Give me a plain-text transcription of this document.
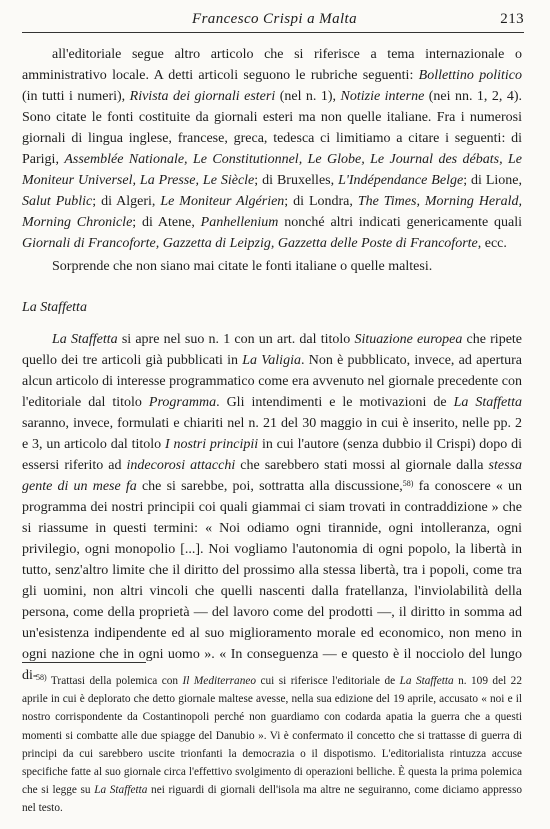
Francesco Crispi a Malta	213

all'editoriale segue altro articolo che si riferisce a tema internazionale o amministrativo locale. A detti articoli seguono le rubriche seguenti: Bollettino politico (in tutti i numeri), Rivista dei giornali esteri (nel n. 1), Notizie interne (nei nn. 1, 2, 4). Sono citate le fonti costituite da giornali esteri ma non quelle italiane. Fra i numerosi giornali di lingua inglese, francese, greca, tedesca ci limitiamo a citare i seguenti: di Parigi, Assemblée Nationale, Le Constitutionnel, Le Globe, Le Journal des débats, Le Moniteur Universel, La Presse, Le Siècle; di Bruxelles, L'Indépendance Belge; di Lione, Salut Public; di Algeri, Le Moniteur Algérien; di Londra, The Times, Morning Herald, Morning Chronicle; di Atene, Panhellenium nonché altri indicati genericamente quali Giornali di Francoforte, Gazzetta di Leipzig, Gazzetta delle Poste di Francoforte, ecc.

Sorprende che non siano mai citate le fonti italiane o quelle maltesi.

La Staffetta

La Staffetta si apre nel suo n. 1 con un art. dal titolo Situazione europea che ripete quello dei tre articoli già pubblicati in La Valigia. Non è pubblicato, invece, ad apertura alcun articolo di interesse programmatico come era avvenuto nel giornale precedente con l'editoriale dal titolo Programma. Gli intendimenti e le motivazioni de La Staffetta saranno, invece, formulati e chiariti nel n. 21 del 30 maggio in cui è inserito, nelle pp. 2 e 3, un articolo dal titolo I nostri principii in cui l'autore (senza dubbio il Crispi) dopo di essersi riferito ad indecorosi attacchi che sarebbero stati mossi al giornale dalla stessa gente di un mese fa che si sarebbe, poi, sottratta alla discussione,$^{58)}$ fa conoscere « un programma dei nostri principii coi quali giammai ci siam trovati in contraddizione » che si riassume in questi termini: « Noi odiamo ogni tirannide, ogni intolleranza, ogni privilegio, ogni monopolio [...]. Noi vogliamo l'autonomia di ogni popolo, la libertà in tutto, senz'altro limite che il diritto del prossimo alla stessa libertà, tra i popoli, come tra gli uomini, non altri vincoli che quelli nascenti dalla fratellanza, l'inviolabilità della persona, come della proprietà — del lavoro come del prodotti —, il diritto in somma ad un'esistenza indipendente ed al suo miglioramento morale ed economico, non meno in ogni nazione che in ogni uomo ». « In conseguenza — e questo è il nocciolo del lungo di-

$^{58)}$ Trattasi della polemica con Il Mediterraneo cui si riferisce l'editoriale de La Staffetta n. 109 del 22 aprile in cui è deplorato che detto giornale maltese avesse, nella sua edizione del 19 aprile, accusato « noi e il nostro corrispondente da Costantinopoli perché non guardiamo con codarda apatia la guerra che a questi momenti si combatte alle due spiagge del Danubio ». Vi è confermato il concetto che si trattasse di guerra di principi da cui sarebbero uscite trionfanti la democrazia o il dispotismo. L'editorialista rintuzza accuse specifiche fatte al suo giornale circa l'effettivo svolgimento di operazioni belliche. È questa la prima polemica che si legge su La Staffetta nei riguardi di giornali dell'isola ma altre ne seguiranno, come diciamo appresso nel testo.
